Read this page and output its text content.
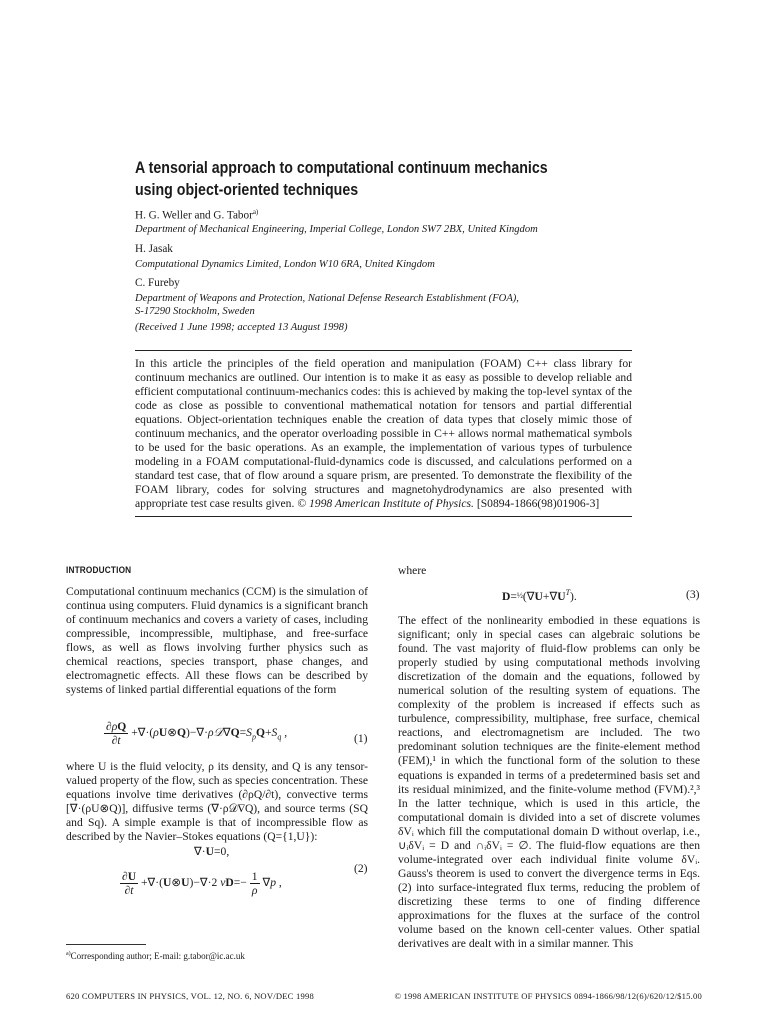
A tensorial approach to computational continuum mechanics
using object-oriented techniques
H. G. Weller and G. Tabor$^{a)}$
Department of Mechanical Engineering, Imperial College, London SW7 2BX, United Kingdom
H. Jasak
Computational Dynamics Limited, London W10 6RA, United Kingdom
C. Fureby
Department of Weapons and Protection, National Defense Research Establishment (FOA),
S-17290 Stockholm, Sweden
(Received 1 June 1998; accepted 13 August 1998)
In this article the principles of the field operation and manipulation (FOAM) C++ class library for continuum mechanics are outlined. Our intention is to make it as easy as possible to develop reliable and efficient computational continuum-mechanics codes: this is achieved by making the top-level syntax of the code as close as possible to conventional mathematical notation for tensors and partial differential equations. Object-orientation techniques enable the creation of data types that closely mimic those of continuum mechanics, and the operator overloading possible in C++ allows normal mathematical symbols to be used for the basic operations. As an example, the implementation of various types of turbulence modeling in a FOAM computational-fluid-dynamics code is discussed, and calculations performed on a standard test case, that of flow around a square prism, are presented. To demonstrate the flexibility of the FOAM library, codes for solving structures and magnetohydrodynamics are also presented with appropriate test case results given. © 1998 American Institute of Physics. [S0894-1866(98)01906-3]
INTRODUCTION

Computational continuum mechanics (CCM) is the simulation of continua using computers. Fluid dynamics is a significant branch of continuum mechanics and covers a variety of cases, including compressible, incompressible, multiphase, and free-surface flows, as well as flows involving further physics such as chemical reactions, species transport, phase changes, and electromagnetic effects. All these flows can be described by systems of linked partial differential equations of the form

$\frac{\partial\rho Q}{\partial t}$ $+\nabla\cdot(\rho U\otimes Q)-\nabla\cdot\rho 𝒟\nabla Q=S_pQ+S_q$ ,	(1)

where U is the fluid velocity, ρ its density, and Q is any tensor-valued property of the flow, such as species concentration. These equations involve time derivatives (∂ρQ/∂t), convective terms [∇·(ρU⊗Q)], diffusive terms (∇·ρ𝒟∇Q), and source terms (SQ and Sq). A simple example is that of incompressible flow as described by the Navier–Stokes equations (Q={1,U}):

∇·U=0,
(2)
$\frac{\partial U}{\partial t}$ +∇·(U⊗U)−∇·2 $\nu D=- \frac{1}{\rho} \nabla p$ ,
$^{a)}$Corresponding author; E-mail: g.tabor@ic.ac.uk
where
$D=\frac{1}{2}(\nabla U+\nabla U^T)$.	(3)

The effect of the nonlinearity embodied in these equations is significant; only in special cases can algebraic solutions be found. The vast majority of fluid-flow problems can only be properly studied by using computational methods involving discretization of the domain and the equations, followed by numerical solution of the resulting system of equations. The complexity of the problem is increased if effects such as turbulence, compressibility, multiphase, free surface, chemical reactions, and electromagnetism are included. The two predominant solution techniques are the finite-element method (FEM),¹ in which the functional form of the solution to these equations is expanded in terms of a predetermined basis set and its residual minimized, and the finite-volume method (FVM).²,³ In the latter technique, which is used in this article, the computational domain is divided into a set of discrete volumes δVᵢ which fill the computational domain D without overlap, i.e., ∪ᵢδVᵢ = D and ∩ᵢδVᵢ = ∅. The fluid-flow equations are then volume-integrated over each individual finite volume δVᵢ. Gauss's theorem is used to convert the divergence terms in Eqs. (2) into surface-integrated flux terms, reducing the problem of discretizing these terms to one of finding difference approximations for the fluxes at the surface of the control volume based on the known cell-center values. Other spatial derivatives are dealt with in a similar manner. This

620 COMPUTERS IN PHYSICS, VOL. 12, NO. 6, NOV/DEC 1998	© 1998 AMERICAN INSTITUTE OF PHYSICS 0894-1866/98/12(6)/620/12/$15.00
